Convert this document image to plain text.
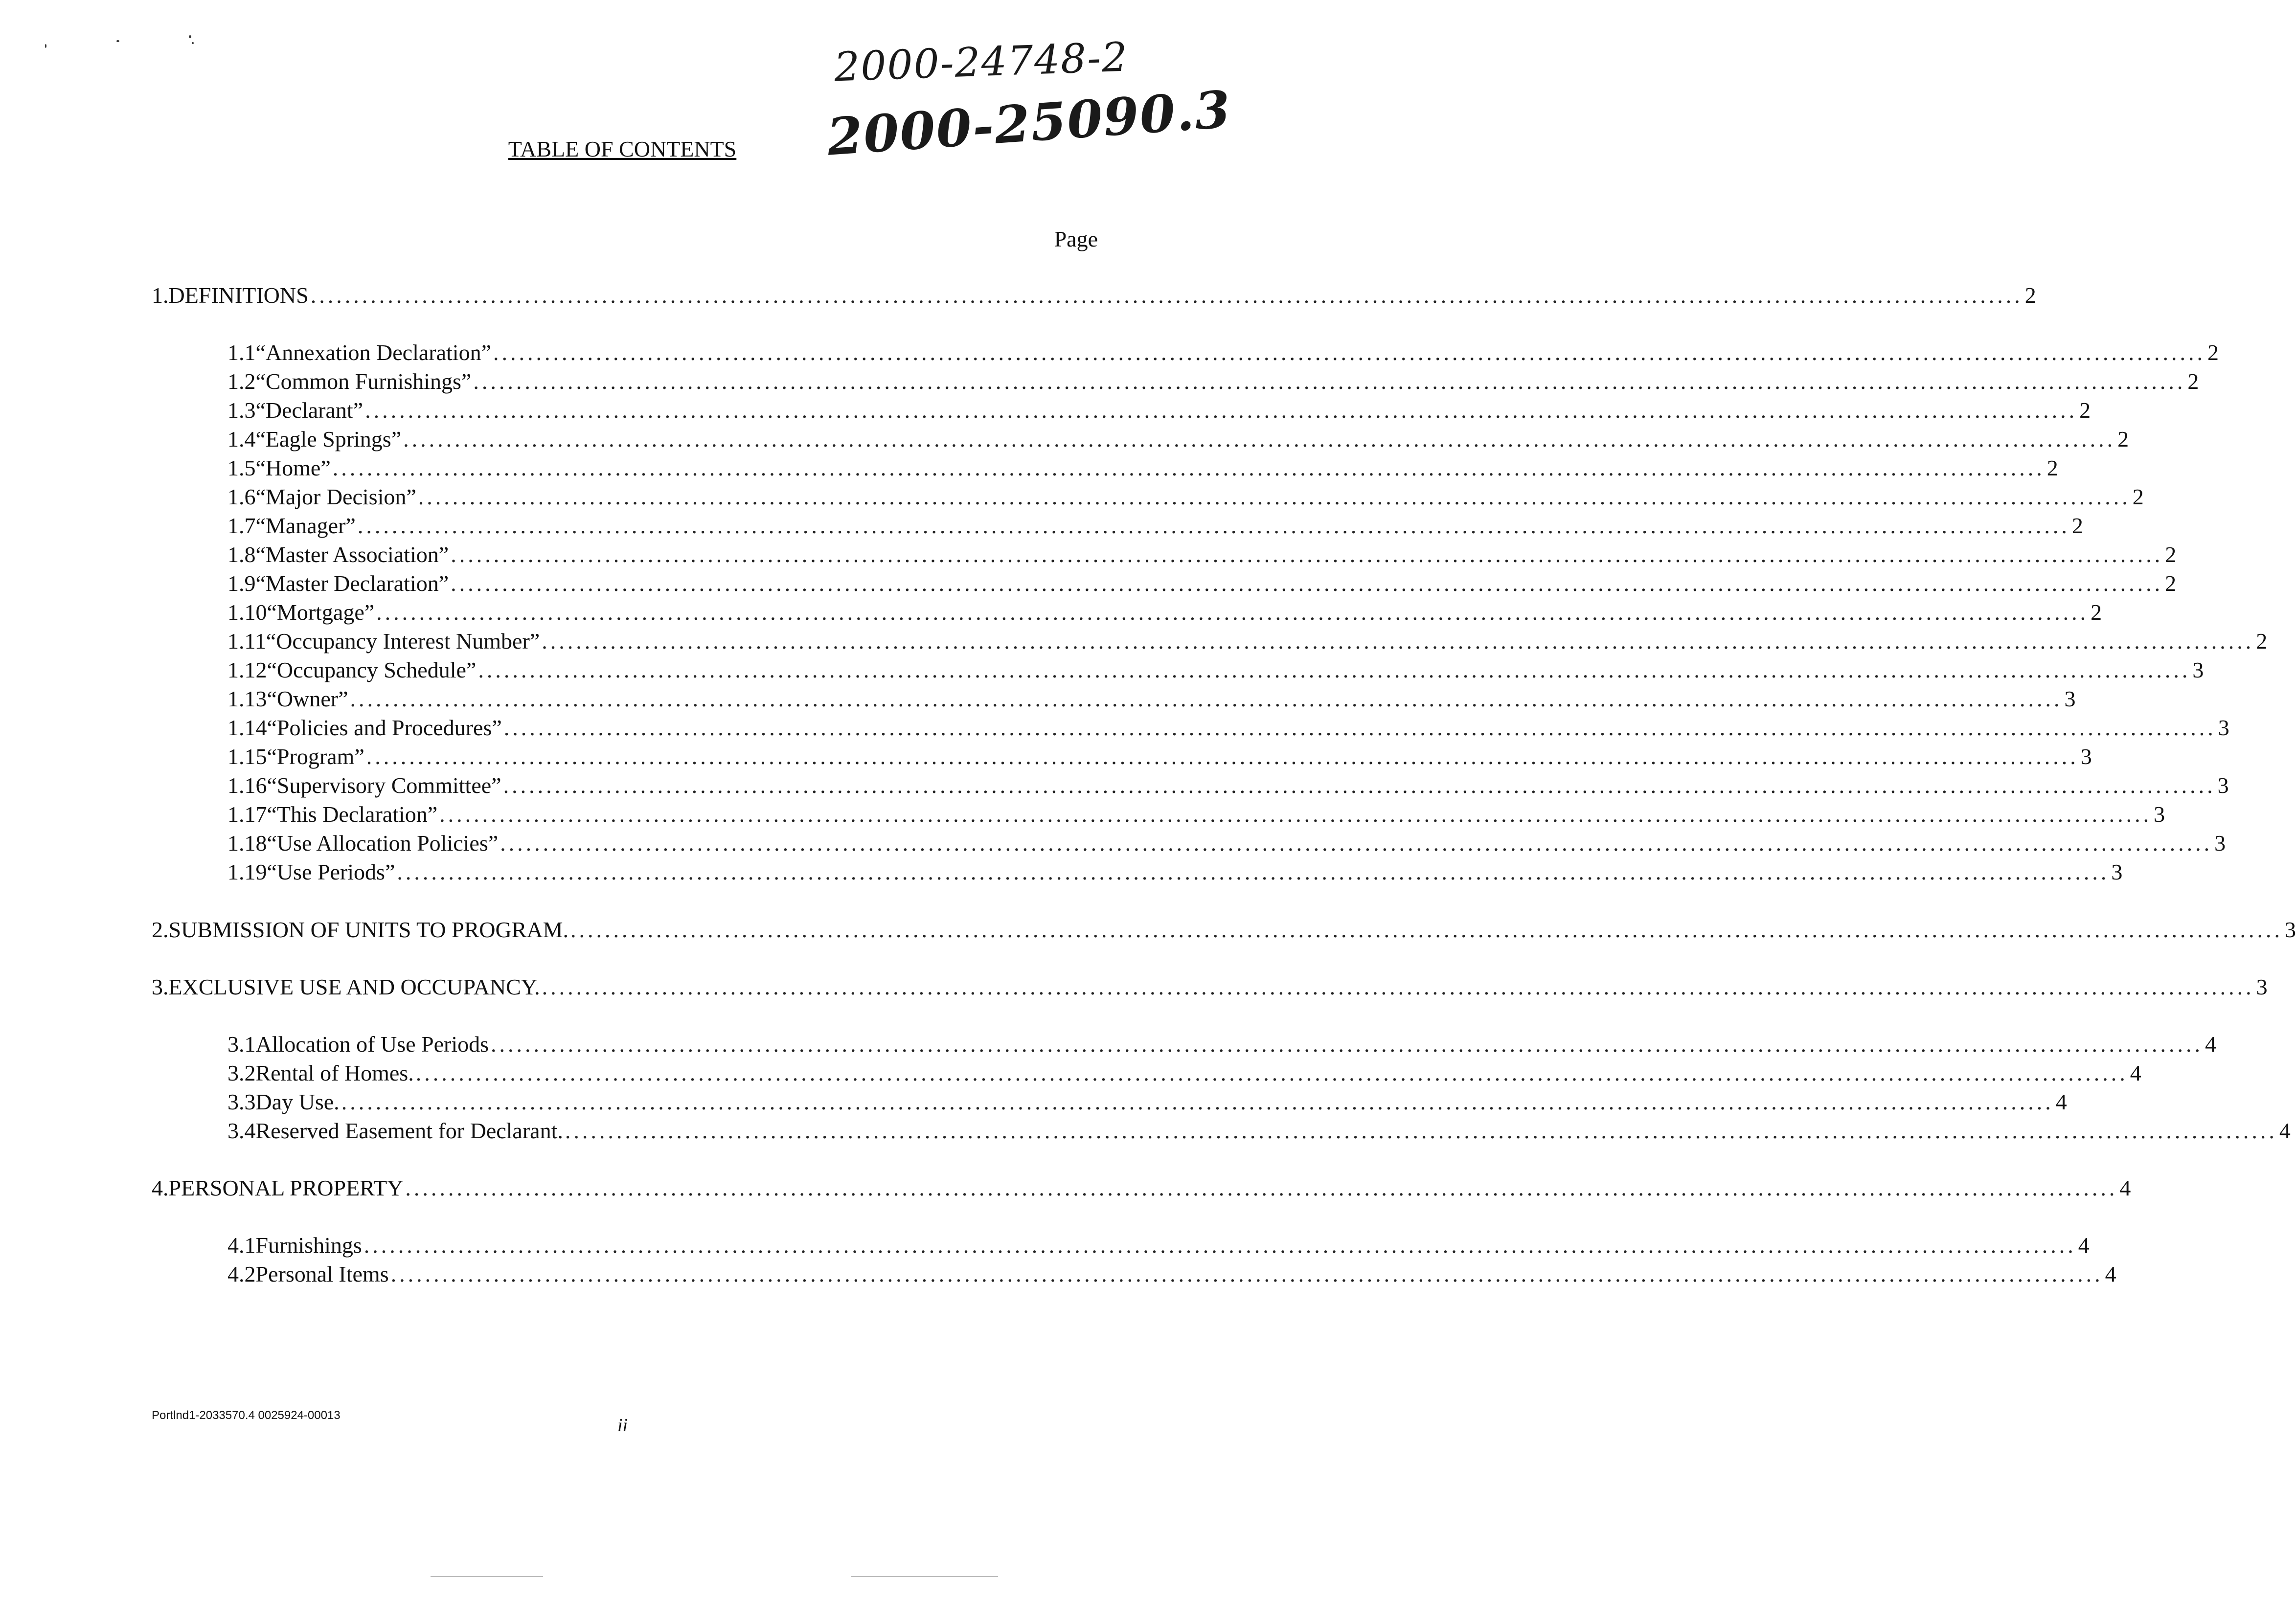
2000-24748-2
2000-25090.3
TABLE OF CONTENTS
Page
1. DEFINITIONS ........................................................................................................................................................................................................ 2
1.1 “Annexation Declaration” ........................................................................................................................................................................................................ 2
1.2 “Common Furnishings” ........................................................................................................................................................................................................ 2
1.3 “Declarant” ........................................................................................................................................................................................................ 2
1.4 “Eagle Springs” ........................................................................................................................................................................................................ 2
1.5 “Home” ........................................................................................................................................................................................................ 2
1.6 “Major Decision” ........................................................................................................................................................................................................ 2
1.7 “Manager” ........................................................................................................................................................................................................ 2
1.8 “Master Association” ........................................................................................................................................................................................................ 2
1.9 “Master Declaration” ........................................................................................................................................................................................................ 2
1.10 “Mortgage” ........................................................................................................................................................................................................ 2
1.11 “Occupancy Interest Number” ........................................................................................................................................................................................................ 2
1.12 “Occupancy Schedule” ........................................................................................................................................................................................................ 3
1.13 “Owner” ........................................................................................................................................................................................................ 3
1.14 “Policies and Procedures” ........................................................................................................................................................................................................ 3
1.15 “Program” ........................................................................................................................................................................................................ 3
1.16 “Supervisory Committee” ........................................................................................................................................................................................................ 3
1.17 “This Declaration” ........................................................................................................................................................................................................ 3
1.18 “Use Allocation Policies” ........................................................................................................................................................................................................ 3
1.19 “Use Periods” ........................................................................................................................................................................................................ 3
2. SUBMISSION OF UNITS TO PROGRAM. ........................................................................................................................................................................................................ 3
3. EXCLUSIVE USE AND OCCUPANCY. ........................................................................................................................................................................................................ 3
3.1 Allocation of Use Periods ........................................................................................................................................................................................................ 4
3.2 Rental of Homes. ........................................................................................................................................................................................................ 4
3.3 Day Use. ........................................................................................................................................................................................................ 4
3.4 Reserved Easement for Declarant. ........................................................................................................................................................................................................ 4
4. PERSONAL PROPERTY ........................................................................................................................................................................................................ 4
4.1 Furnishings ........................................................................................................................................................................................................ 4
4.2 Personal Items ........................................................................................................................................................................................................ 4
Portlnd1-2033570.4 0025924-00013	ii
